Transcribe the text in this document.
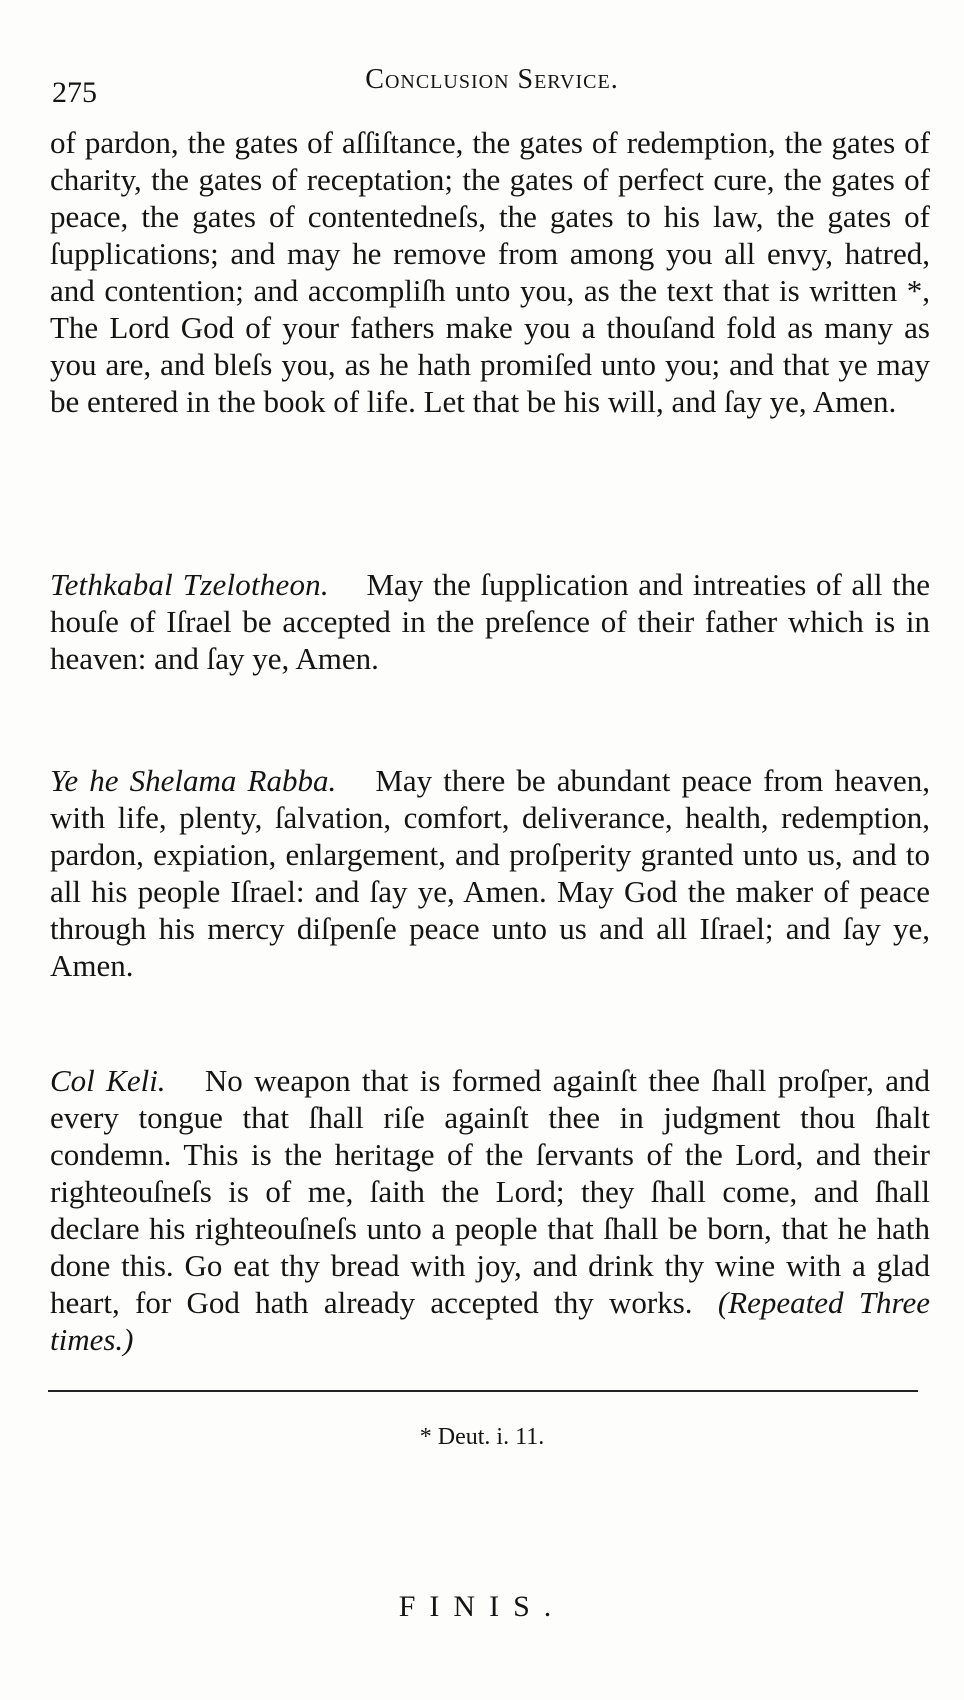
275	Conclusion Service.
of pardon, the gates of aſſiſtance, the gates of redemption, the gates of charity, the gates of receptation; the gates of perfect cure, the gates of peace, the gates of contentedneſs, the gates to his law, the gates of ſupplications; and may he remove from among you all envy, hatred, and contention; and accompliſh unto you, as the text that is written *, The Lord God of your fathers make you a thouſand fold as many as you are, and bleſs you, as he hath promiſed unto you; and that ye may be entered in the book of life. Let that be his will, and ſay ye, Amen.
Tethkabal Tzelotheon. May the ſupplication and intreaties of all the houſe of Iſrael be accepted in the preſence of their father which is in heaven: and ſay ye, Amen.
Ye he Shelama Rabba. May there be abundant peace from heaven, with life, plenty, ſalvation, comfort, deliverance, health, redemption, pardon, expiation, enlargement, and proſperity granted unto us, and to all his people Iſrael: and ſay ye, Amen. May God the maker of peace through his mercy diſpenſe peace unto us and all Iſrael; and ſay ye, Amen.
Col Keli. No weapon that is formed againſt thee ſhall proſper, and every tongue that ſhall riſe againſt thee in judgment thou ſhalt condemn. This is the heritage of the ſervants of the Lord, and their righteouſneſs is of me, ſaith the Lord; they ſhall come, and ſhall declare his righteouſneſs unto a people that ſhall be born, that he hath done this. Go eat thy bread with joy, and drink thy wine with a glad heart, for God hath already accepted thy works. (Repeated Three times.)
* Deut. i. 11.
FINIS.
